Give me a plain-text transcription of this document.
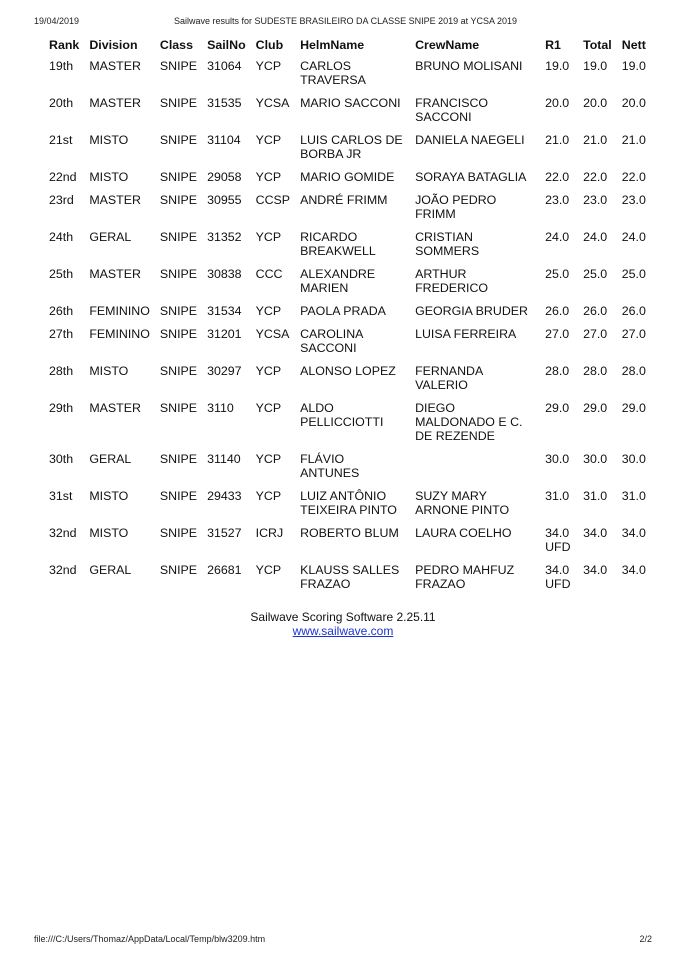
19/04/2019	Sailwave results for SUDESTE BRASILEIRO DA CLASSE SNIPE 2019 at YCSA 2019
Rank	Division	Class	SailNo	Club	HelmName	CrewName	R1	Total	Nett
19th	MASTER	SNIPE	31064	YCP	CARLOS TRAVERSA	BRUNO MOLISANI	19.0	19.0	19.0
20th	MASTER	SNIPE	31535	YCSA	MARIO SACCONI	FRANCISCO SACCONI	20.0	20.0	20.0
21st	MISTO	SNIPE	31104	YCP	LUIS CARLOS DE BORBA JR	DANIELA NAEGELI	21.0	21.0	21.0
22nd	MISTO	SNIPE	29058	YCP	MARIO GOMIDE	SORAYA BATAGLIA	22.0	22.0	22.0
23rd	MASTER	SNIPE	30955	CCSP	ANDRÉ FRIMM	JOÃO PEDRO FRIMM	23.0	23.0	23.0
24th	GERAL	SNIPE	31352	YCP	RICARDO BREAKWELL	CRISTIAN SOMMERS	24.0	24.0	24.0
25th	MASTER	SNIPE	30838	CCC	ALEXANDRE MARIEN	ARTHUR FREDERICO	25.0	25.0	25.0
26th	FEMININO	SNIPE	31534	YCP	PAOLA PRADA	GEORGIA BRUDER	26.0	26.0	26.0
27th	FEMININO	SNIPE	31201	YCSA	CAROLINA SACCONI	LUISA FERREIRA	27.0	27.0	27.0
28th	MISTO	SNIPE	30297	YCP	ALONSO LOPEZ	FERNANDA VALERIO	28.0	28.0	28.0
29th	MASTER	SNIPE	3110	YCP	ALDO PELLICCIOTTI	DIEGO MALDONADO E C. DE REZENDE	29.0	29.0	29.0
30th	GERAL	SNIPE	31140	YCP	FLÁVIO ANTUNES		30.0	30.0	30.0
31st	MISTO	SNIPE	29433	YCP	LUIZ ANTÔNIO TEIXEIRA PINTO	SUZY MARY ARNONE PINTO	31.0	31.0	31.0
32nd	MISTO	SNIPE	31527	ICRJ	ROBERTO BLUM	LAURA COELHO	34.0 UFD	34.0	34.0
32nd	GERAL	SNIPE	26681	YCP	KLAUSS SALLES FRAZAO	PEDRO MAHFUZ FRAZAO	34.0 UFD	34.0	34.0
Sailwave Scoring Software 2.25.11
www.sailwave.com
file:///C:/Users/Thomaz/AppData/Local/Temp/blw3209.htm	2/2
